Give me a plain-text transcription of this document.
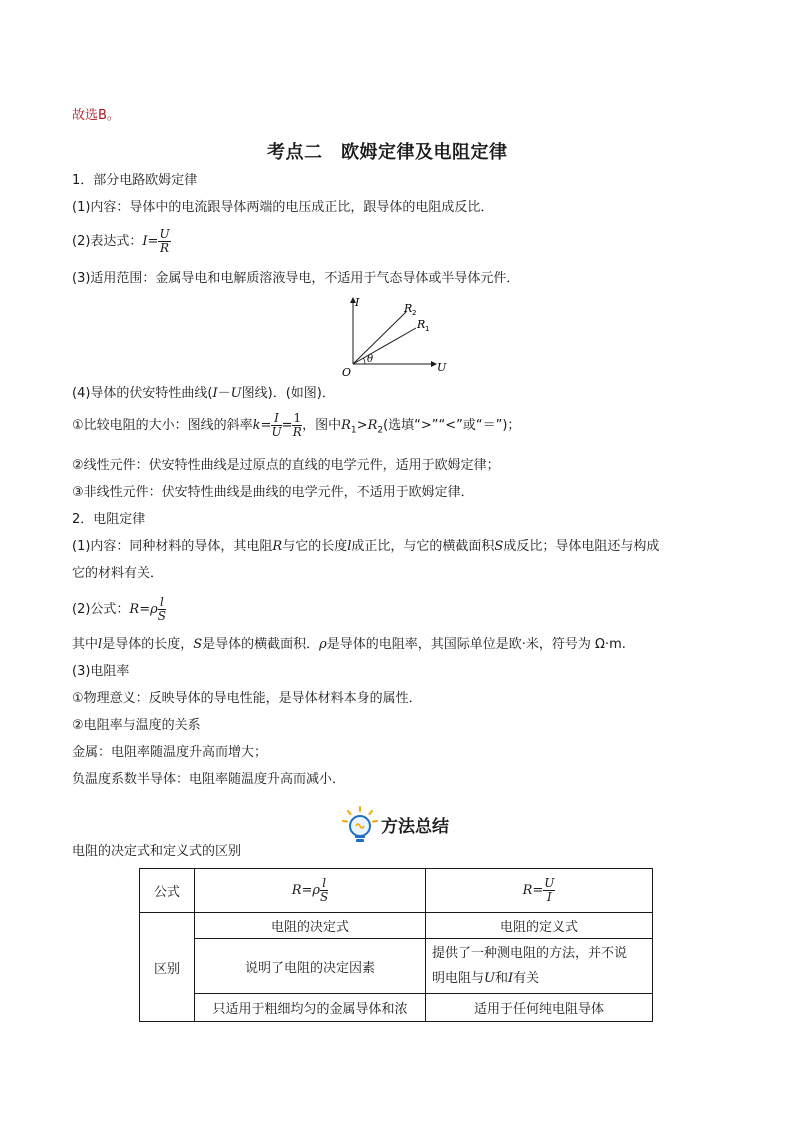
故选B。
考点二　欧姆定律及电阻定律
1．部分电路欧姆定律
(1)内容：导体中的电流跟导体两端的电压成正比，跟导体的电阻成反比．
(2)表达式：$I= \frac{U}{R}$
(3)适用范围：金属导电和电解质溶液导电，不适用于气态导体或半导体元件．
I
U
O
R 2
R 1
θ
(4)导体的伏安特性曲线(I－U图线)．(如图)．
①比较电阻的大小：图线的斜率$k= \frac{I}{U} = \frac{1}{R}$ ，图中$R_1>R_2$(选填“>”“<”或“＝”)；
②线性元件：伏安特性曲线是过原点的直线的电学元件，适用于欧姆定律；
③非线性元件：伏安特性曲线是曲线的电学元件，不适用于欧姆定律．
2．电阻定律
(1)内容：同种材料的导体，其电阻R与它的长度l成正比，与它的横截面积S成反比；导体电阻还与构成
它的材料有关．
(2)公式：$R=\rho \frac{l}{S}$
其中l是导体的长度，S是导体的横截面积．ρ是导体的电阻率，其国际单位是欧·米，符号为 Ω·m.
(3)电阻率
①物理意义：反映导体的导电性能，是导体材料本身的属性．
②电阻率与温度的关系
金属：电阻率随温度升高而增大；
负温度系数半导体：电阻率随温度升高而减小．
方法总结
电阻的决定式和定义式的区别
公式	$R=\rho \frac{l}{S}$	$R= \frac{U}{I}$

区别	电阻的决定式	电阻的定义式
	说明了电阻的决定因素	提供了一种测电阻的方法，并不说
明电阻与U和I有关
	只适用于粗细均匀的金属导体和浓	适用于任何纯电阻导体
